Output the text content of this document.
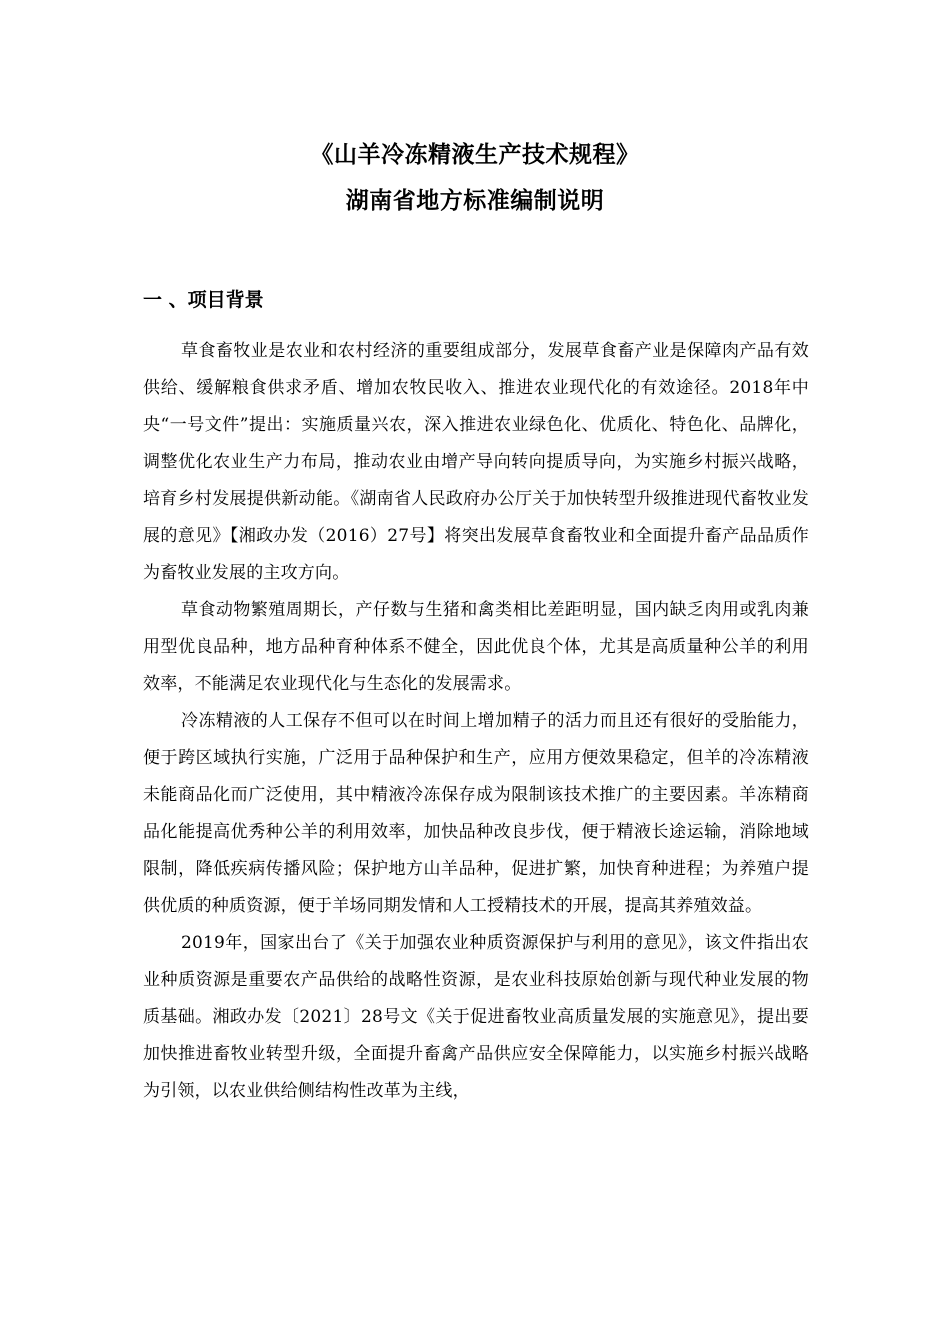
《山羊冷冻精液生产技术规程》
湖南省地方标准编制说明
一 、项目背景

草食畜牧业是农业和农村经济的重要组成部分，发展草食畜产业是保障肉产品有效供给、缓解粮食供求矛盾、增加农牧民收入、推进农业现代化的有效途径。2018年中央“一号文件”提出：实施质量兴农，深入推进农业绿色化、优质化、特色化、品牌化，调整优化农业生产力布局，推动农业由增产导向转向提质导向，为实施乡村振兴战略，培育乡村发展提供新动能。《湖南省人民政府办公厅关于加快转型升级推进现代畜牧业发展的意见》【湘政办发（2016）27号】将突出发展草食畜牧业和全面提升畜产品品质作为畜牧业发展的主攻方向。

草食动物繁殖周期长，产仔数与生猪和禽类相比差距明显，国内缺乏肉用或乳肉兼用型优良品种，地方品种育种体系不健全，因此优良个体，尤其是高质量种公羊的利用效率，不能满足农业现代化与生态化的发展需求。

冷冻精液的人工保存不但可以在时间上增加精子的活力而且还有很好的受胎能力，便于跨区域执行实施，广泛用于品种保护和生产，应用方便效果稳定，但羊的冷冻精液未能商品化而广泛使用，其中精液冷冻保存成为限制该技术推广的主要因素。羊冻精商品化能提高优秀种公羊的利用效率，加快品种改良步伐，便于精液长途运输，消除地域限制，降低疾病传播风险；保护地方山羊品种，促进扩繁，加快育种进程；为养殖户提供优质的种质资源，便于羊场同期发情和人工授精技术的开展，提高其养殖效益。

2019年，国家出台了《关于加强农业种质资源保护与利用的意见》，该文件指出农业种质资源是重要农产品供给的战略性资源，是农业科技原始创新与现代种业发展的物质基础。湘政办发〔2021〕28号文《关于促进畜牧业高质量发展的实施意见》，提出要加快推进畜牧业转型升级，全面提升畜禽产品供应安全保障能力，以实施乡村振兴战略为引领，以农业供给侧结构性改革为主线，
